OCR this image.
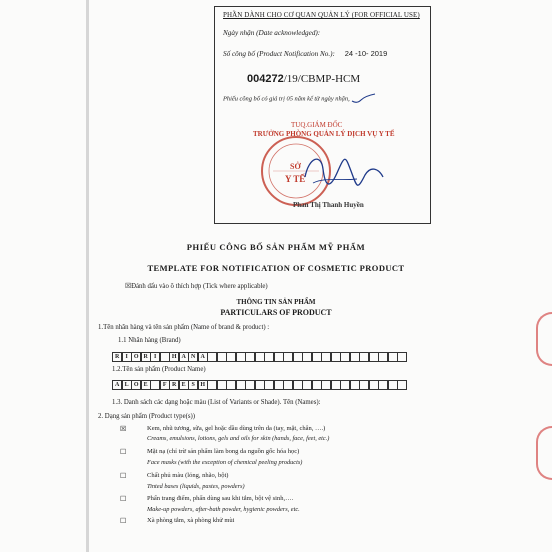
PHẦN DÀNH CHO CƠ QUAN QUẢN LÝ (FOR OFFICIAL USE)
Ngày nhận (Date acknowledged):
Số công bố (Product Notification No.): 24 -10- 2019
004272/19/CBMP-HCM
Phiếu công bố có giá trị 05 năm kể từ ngày nhận,
TUQ.GIÁM ĐỐC
TRƯỞNG PHÒNG QUẢN LÝ DỊCH VỤ Y TẾ
SỞ
Y TẾ
Phan Thị Thanh Huyền
PHIẾU CÔNG BỐ SẢN PHẨM MỸ PHẨM
TEMPLATE FOR NOTIFICATION OF COSMETIC PRODUCT
☒Đánh dấu vào ô thích hợp (Tick where applicable)
THÔNG TIN SẢN PHẨM
PARTICULARS OF PRODUCT
1.Tên nhãn hàng và tên sản phẩm (Name of brand & product) :
1.1 Nhãn hàng (Brand)
R	I	O R	I	H A N A
1.2.Tên sản phẩm (Product Name)
A L O E	F R E S H
1.3. Danh sách các dạng hoặc màu (List of Variants or Shade). Tên (Names):
2. Dạng sản phẩm (Product type(s))
☒	Kem, nhũ tương, sữa, gel hoặc dầu dùng trên da (tay, mặt, chân, ….)
Creams, emulsions, lotions, gels and oils for skin (hands, face, feet, etc.)
☐	Mặt nạ (chỉ trừ sản phẩm làm bong da nguồn gốc hóa học)
Face masks (with the exception of chemical peeling products)
☐	Chất phủ màu (lỏng, nhão, bột)
Tinted bases (liquids, pastes, powders)
☐	Phấn trang điểm, phấn dùng sau khi tắm, bột vệ sinh,….
Make-up powders, after-bath powder, hygienic powders, etc.
☐	Xà phòng tắm, xà phòng khử mùi
